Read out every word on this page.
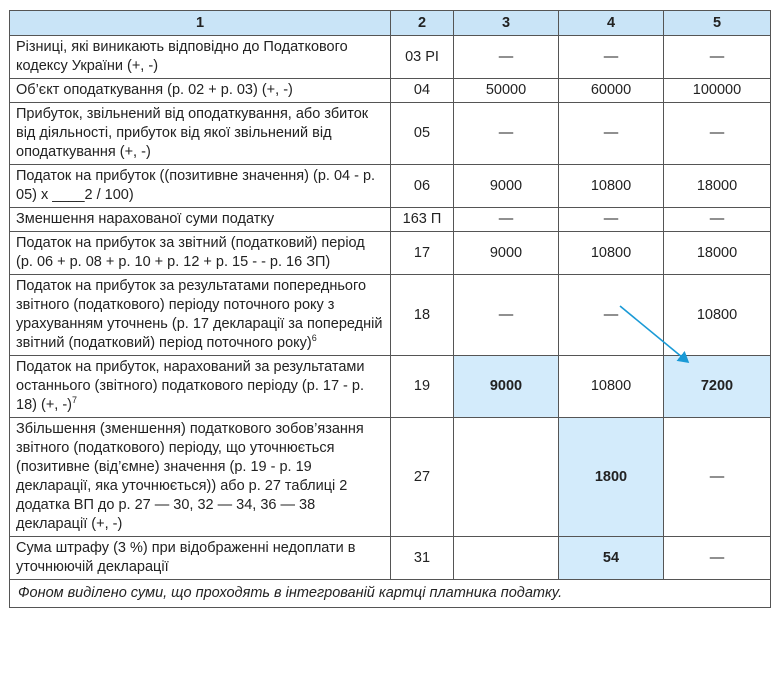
1	2	3	4	5
Різниці, які виникають відповідно до Податкового кодексу України (+, -)	03 РІ	—	—	—
Об’єкт оподаткування (р. 02 + р. 03) (+, -)	04	50000	60000	100000
Прибуток, звільнений від оподаткування, або збиток від діяльності, прибуток від якої звільнений від оподаткування (+, -)	05	—	—	—
Податок на прибуток ((позитивне значення) (р. 04 - р. 05) х ____2 / 100)	06	9000	10800	18000
Зменшення нарахованої суми податку	163 П	—	—	—
Податок на прибуток за звітний (податковий) період (р. 06 + р. 08 + р. 10 + р. 12 + р. 15 - - р. 16 ЗП)	17	9000	10800	18000
Податок на прибуток за результатами попереднього звітного (податкового) періоду поточного року з урахуванням уточнень (р. 17 декларації за попередній звітний (податковий) період поточного року)$^6$	18	—	—	10800
Податок на прибуток, нарахований за результатами останнього (звітного) податкового періоду (р. 17 - р. 18) (+, -)$^7$	19	9000	10800	7200
Збільшення (зменшення) податкового зобов’язання звітного (податкового) періоду, що уточнюється (позитивне (від’ємне) значення (р. 19 - р. 19 декларації, яка уточнюється)) або р. 27 таблиці 2 додатка ВП до р. 27 — 30, 32 — 34, 36 — 38 декларації (+, -)	27		1800	—
Сума штрафу (3 %) при відображенні недоплати в уточнюючій декларації	31		54	—
Фоном виділено суми, що проходять в інтегрованій картці платника податку.				
